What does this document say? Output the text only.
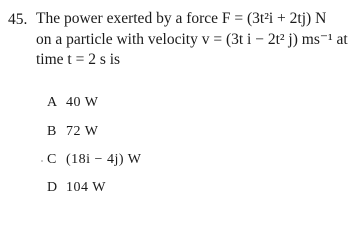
45. The power exerted by a force F = (3t²i + 2tj) N
on a particle with velocity v = (3t i − 2t² j) ms⁻¹ at
time t = 2 s is
A 40 W
B 72 W
C (18i − 4j) W
D 104 W
